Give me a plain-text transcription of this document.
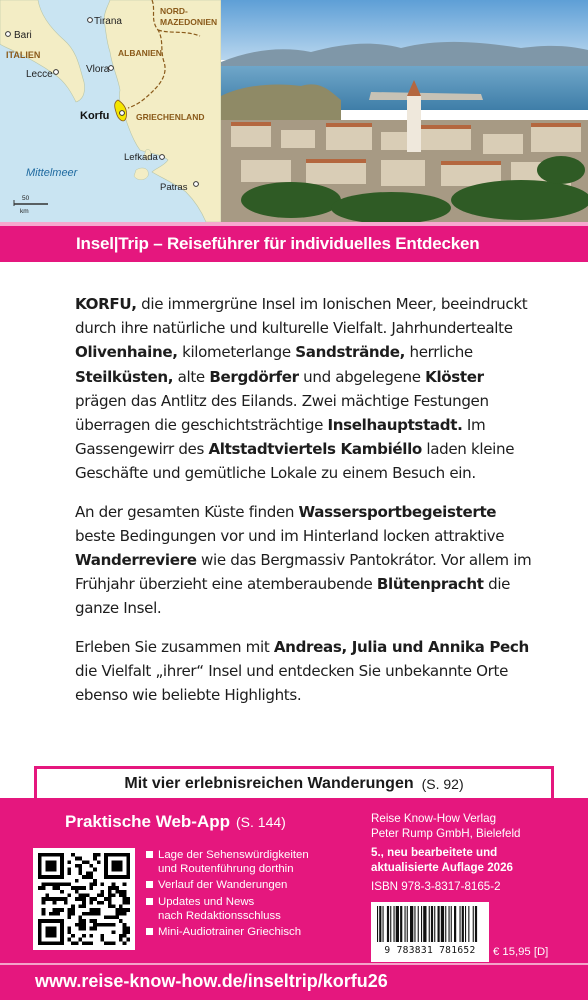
Tirana
Bari
NORD-
MAZEDONIEN
ITALIEN	ALBANIEN
Vlora
Lecce
Korfu	GRIECHENLAND
Mittelmeer
Lefkada
Patras
50
km
Insel|Trip
– Reiseführer für individuelles Entdecken

KORFU, die immergrüne Insel im Ionischen Meer, beeindruckt durch ihre natürliche und kulturelle Vielfalt. Jahrhundertealte Olivenhaine, kilometerlange Sandstrände, herrliche Steilküsten, alte Bergdörfer und abgelegene Klöster prägen das Antlitz des Eilands. Zwei mächtige Festungen überragen die geschichtsträchtige Inselhauptstadt. Im Gassengewirr des Altstadtviertels Kambiéllo laden kleine Geschäfte und gemütliche Lokale zu einem Besuch ein.

An der gesamten Küste finden Wassersportbegeisterte beste Bedingungen vor und im Hinterland locken attraktive Wanderreviere wie das Bergmassiv Pantokrátor. Vor allem im Frühjahr überzieht eine atemberaubende Blütenpracht die ganze Insel.

Erleben Sie zusammen mit Andreas, Julia und Annika Pech die Vielfalt „ihrer“ Insel und entdecken Sie unbekannte Orte ebenso wie beliebte Highlights.

Mit vier erlebnisreichen Wanderungen (S. 92)
Praktische Web-App (S. 144)
Lage der Sehenswürdigkeiten
und Routenführung dorthin
Verlauf der Wanderungen
Updates und News
nach Redaktionsschluss
Mini-Audiotrainer Griechisch
Reise Know-How Verlag
Peter Rump GmbH, Bielefeld
5., neu bearbeitete und
aktualisierte Auflage 2026
ISBN 978-3-8317-8165-2
9 783831 781652	€ 15,95 [D]
www.reise-know-how.de/inseltrip/korfu26
